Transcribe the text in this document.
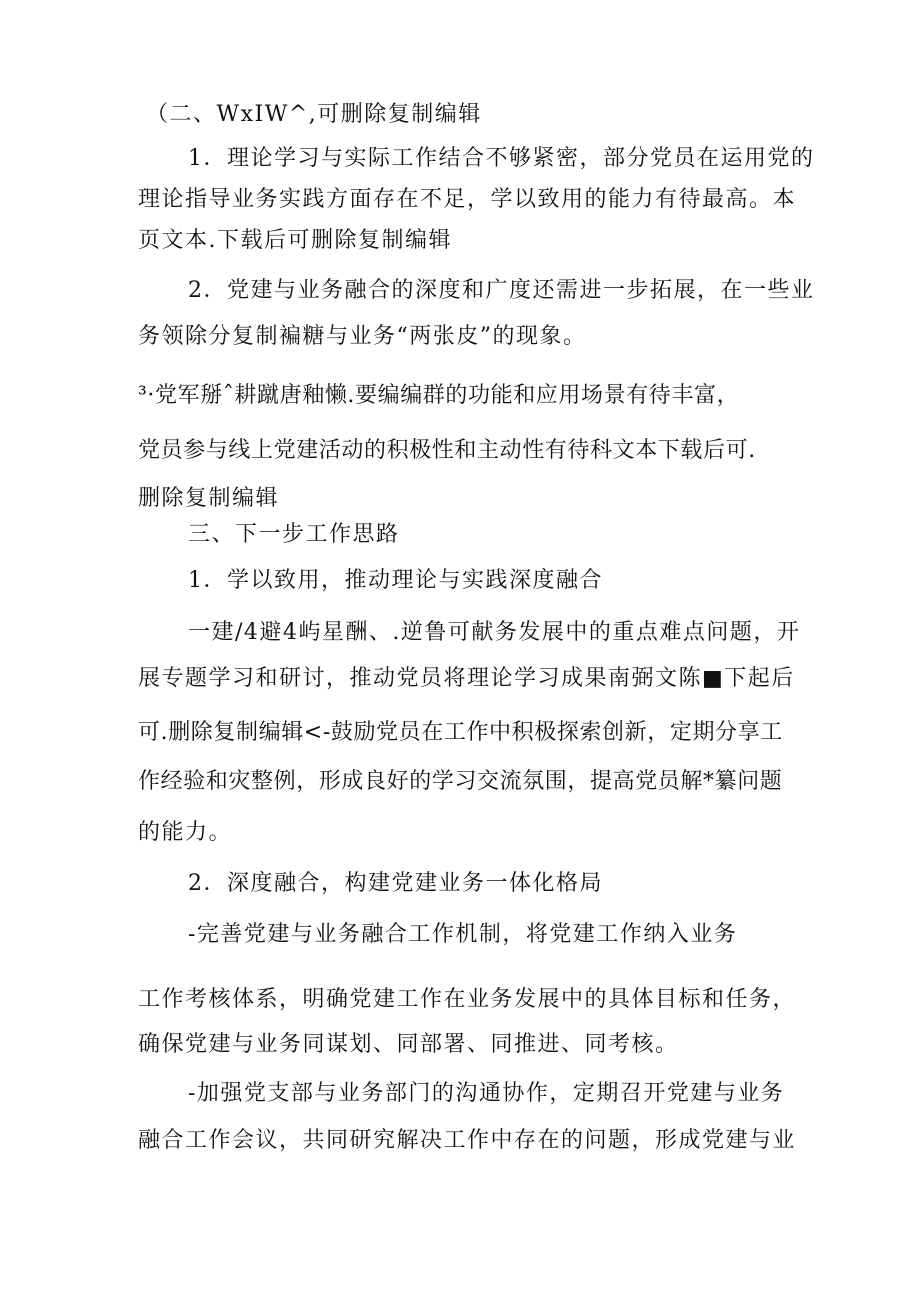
（二、WxIW^,可删除复制编辑
1．理论学习与实际工作结合不够紧密，部分党员在运用党的
理论指导业务实践方面存在不足，学以致用的能力有待最高。本
页文本.下载后可删除复制编辑
2．党建与业务融合的深度和广度还需进一步拓展，在一些业
务领除分复制褊糖与业务“两张皮”的现象。
³·党军掰ˆ耕蹴唐釉懒.要编编群的功能和应用场景有待丰富，
党员参与线上党建活动的积极性和主动性有待科文本下载后可.
删除复制编辑
三、下一步工作思路
1．学以致用，推动理论与实践深度融合
一建/4避4屿星酬、.逆鲁可献务发展中的重点难点问题，开
展专题学习和研讨，推动党员将理论学习成果南弼文陈■下起后
可.删除复制编辑<-鼓励党员在工作中积极探索创新，定期分享工
作经验和灾整例，形成良好的学习交流氛围，提高党员解*纂问题
的能力。
2．深度融合，构建党建业务一体化格局
-完善党建与业务融合工作机制，将党建工作纳入业务
工作考核体系，明确党建工作在业务发展中的具体目标和任务，
确保党建与业务同谋划、同部署、同推进、同考核。
-加强党支部与业务部门的沟通协作，定期召开党建与业务
融合工作会议，共同研究解决工作中存在的问题，形成党建与业
